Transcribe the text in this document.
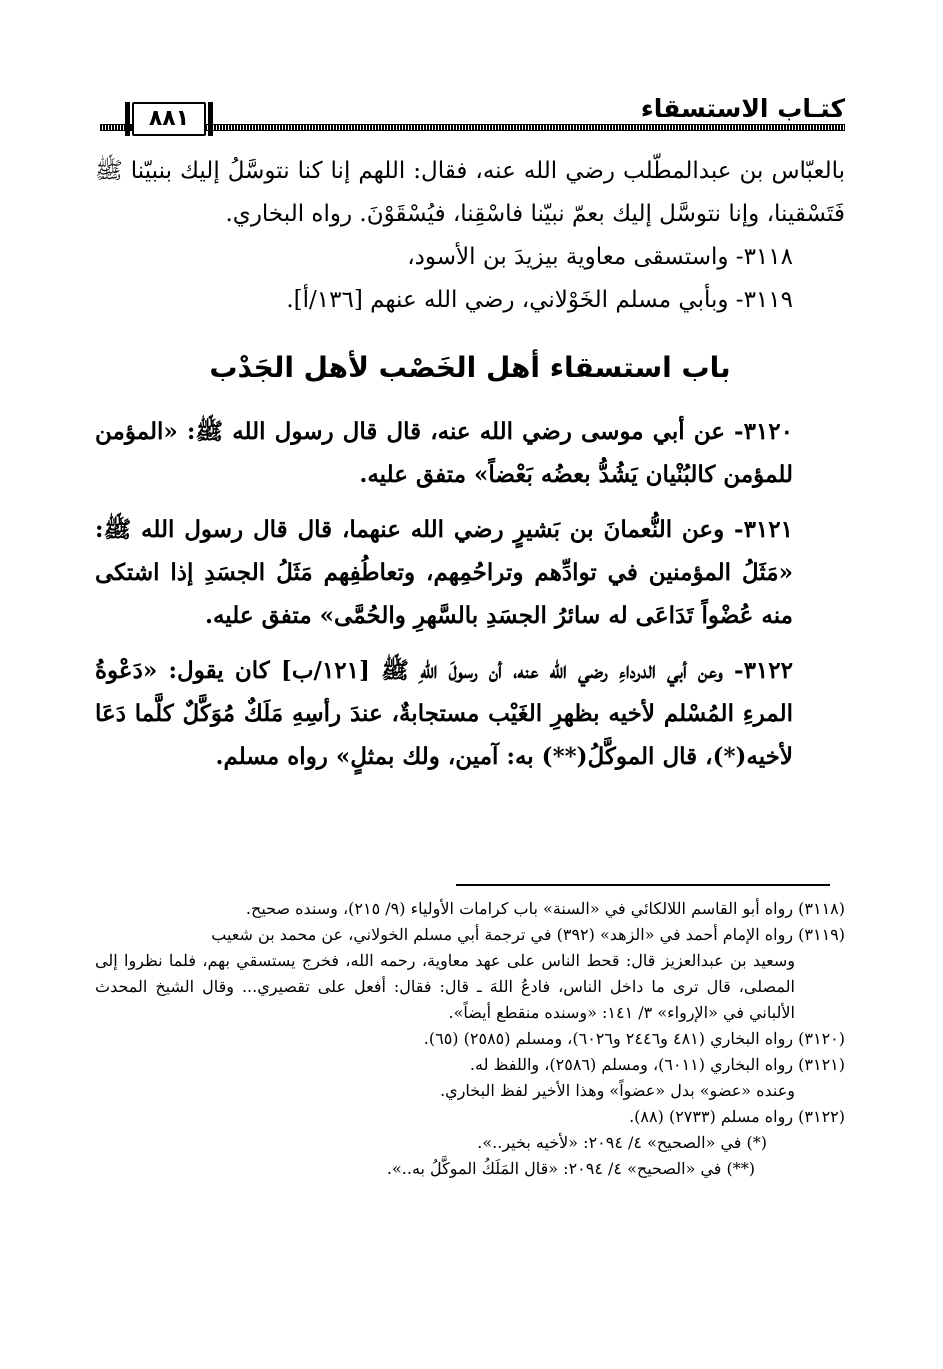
كتـاب الاستسقاء
٨٨١

بالعبّاس بن عبدالمطّلب رضي الله عنه، فقال: اللهم إنا كنا نتوسَّلُ إليك بنبيّنا ﷺ فَتَسْقينا، وإنا نتوسَّل إليك بعمّ نبيّنا فاسْقِنا، فيُسْقَوْنَ. رواه البخاري.

٣١١٨- واستسقى معاوية بيزيدَ بن الأسود،

٣١١٩- وبأبي مسلم الخَوْلاني، رضي الله عنهم [١٣٦/أ].

باب استسقاء أهل الخَصْب لأهل الجَدْب

٣١٢٠- عن أبي موسى رضي الله عنه، قال قال رسول الله ﷺ: «المؤمن للمؤمن كالبُنْيان يَشُدُّ بعضُه بَعْضاً» متفق عليه.

٣١٢١- وعن النُّعمانَ بن بَشيرٍ رضي الله عنهما، قال قال رسول الله ﷺ: «مَثَلُ المؤمنين في توادِّهم وتراحُمِهم، وتعاطُفِهم مَثَلُ الجسَدِ إذا اشتكى منه عُضْواً تَدَاعَى له سائرُ الجسَدِ بالسَّهرِ والحُمَّى» متفق عليه.

٣١٢٢- وعن أبي الدرداءِ رضي الله عنه، أن رسولَ اللهِ ﷺ [١٢١/ب] كان يقول: «دَعْوةُ المرءِ المُسْلم لأخيه بظهرِ الغَيْب مستجابةٌ، عندَ رأسِهِ مَلَكٌ مُوَكَّلٌ كلَّما دَعَا لأخيه(*)، قال الموكَّلُ(**) به: آمين، ولك بمثلٍ» رواه مسلم.

(٣١١٨) رواه أبو القاسم اللالكائي في «السنة» باب كرامات الأولياء (٩/ ٢١٥)، وسنده صحيح.

(٣١١٩) رواه الإمام أحمد في «الزهد» (٣٩٢) في ترجمة أبي مسلم الخولاني، عن محمد بن شعيب

وسعيد بن عبدالعزيز قال: قحط الناس على عهد معاوية، رحمه الله، فخرج يستسقي بهم، فلما نظروا إلى المصلى، قال ترى ما داخل الناس، فادعُ اللهَ ـ قال: فقال: أفعل على تقصيري... وقال الشيخ المحدث الألباني في «الإرواء» ٣/ ١٤١: «وسنده منقطع أيضاً».

(٣١٢٠) رواه البخاري (٤٨١ و٢٤٤٦ و٦٠٢٦)، ومسلم (٢٥٨٥) (٦٥).

(٣١٢١) رواه البخاري (٦٠١١)، ومسلم (٢٥٨٦)، واللفظ له.

وعنده «عضو» بدل «عضواً» وهذا الأخير لفظ البخاري.

(٣١٢٢) رواه مسلم (٢٧٣٣) (٨٨).

(*) في «الصحيح» ٤/ ٢٠٩٤: «لأخيه بخير..».

(**) في «الصحيح» ٤/ ٢٠٩٤: «قال المَلَكُ الموكَّلُ به..».
